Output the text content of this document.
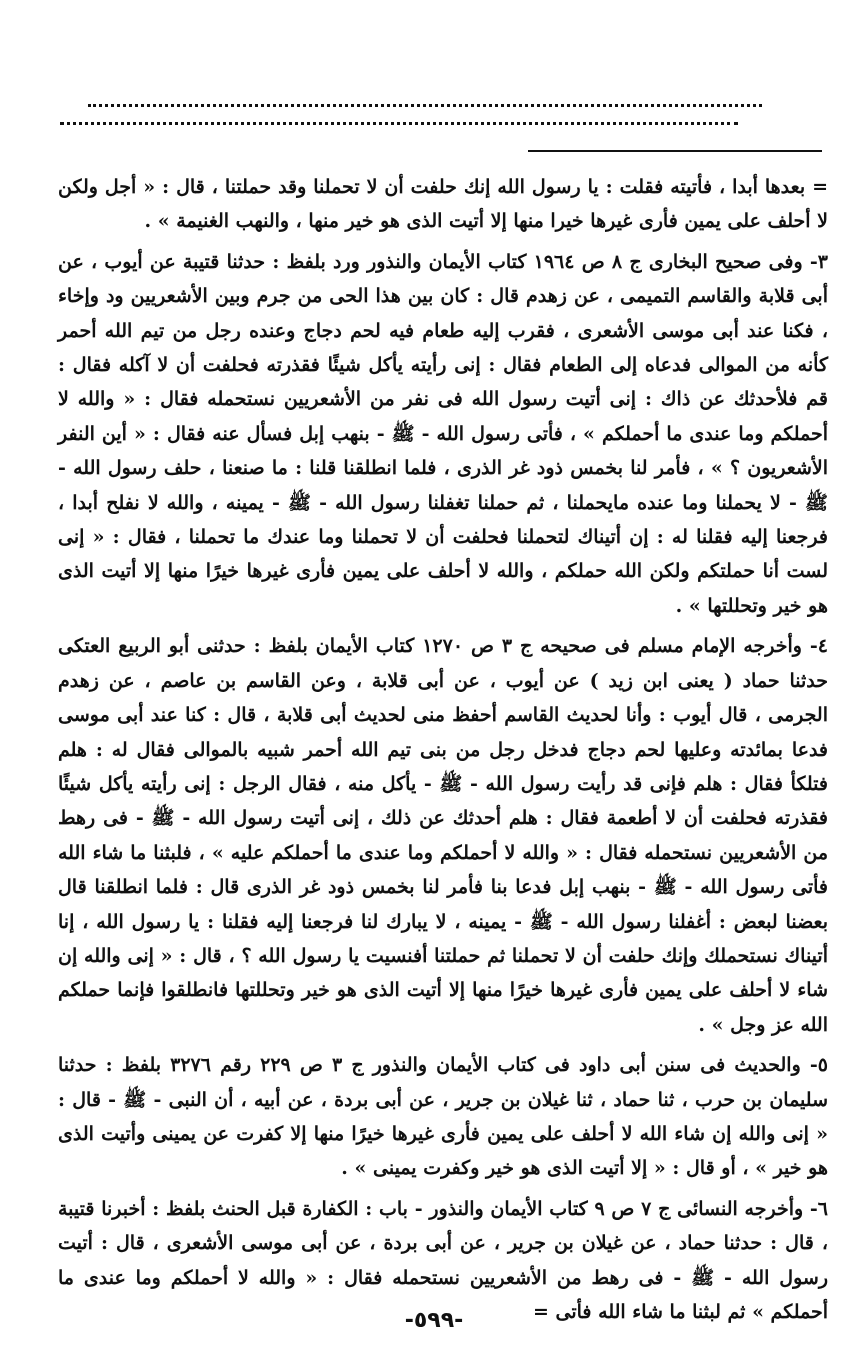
= بعدها أبدا ، فأتيته فقلت : يا رسول الله إنك حلفت أن لا تحملنا وقد حملتنا ، قال : « أجل ولكن لا أحلف على يمين فأرى غيرها خيرا منها إلا أتيت الذى هو خير منها ، والنهب الغنيمة » .

٣- وفى صحيح البخارى ج ٨ ص ١٩٦٤ كتاب الأيمان والنذور ورد بلفظ : حدثنا قتيبة عن أيوب ، عن أبى قلابة والقاسم التميمى ، عن زهدم قال : كان بين هذا الحى من جرم وبين الأشعريين ود وإخاء ، فكنا عند أبى موسى الأشعرى ، فقرب إليه طعام فيه لحم دجاج وعنده رجل من تيم الله أحمر كأنه من الموالى فدعاه إلى الطعام فقال : إنى رأيته يأكل شيئًا فقذرته فحلفت أن لا آكله فقال : قم فلأحدثك عن ذاك : إنى أتيت رسول الله فى نفر من الأشعريين نستحمله فقال : « والله لا أحملكم وما عندى ما أحملكم » ، فأتى رسول الله - ﷺ - بنهب إبل فسأل عنه فقال : « أين النفر الأشعريون ؟ » ، فأمر لنا بخمس ذود غر الذرى ، فلما انطلقنا قلنا : ما صنعنا ، حلف رسول الله - ﷺ - لا يحملنا وما عنده مايحملنا ، ثم حملنا تغفلنا رسول الله - ﷺ - يمينه ، والله لا نفلح أبدا ، فرجعنا إليه فقلنا له : إن أتيناك لتحملنا فحلفت أن لا تحملنا وما عندك ما تحملنا ، فقال : « إنى لست أنا حملتكم ولكن الله حملكم ، والله لا أحلف على يمين فأرى غيرها خيرًا منها إلا أتيت الذى هو خير وتحللتها » .

٤- وأخرجه الإمام مسلم فى صحيحه ج ٣ ص ١٢٧٠ كتاب الأيمان بلفظ : حدثنى أبو الربيع العتكى حدثنا حماد ( يعنى ابن زيد ) عن أيوب ، عن أبى قلابة ، وعن القاسم بن عاصم ، عن زهدم الجرمى ، قال أيوب : وأنا لحديث القاسم أحفظ منى لحديث أبى قلابة ، قال : كنا عند أبى موسى فدعا بمائدته وعليها لحم دجاج فدخل رجل من بنى تيم الله أحمر شبيه بالموالى فقال له : هلم فتلكأ فقال : هلم فإنى قد رأيت رسول الله - ﷺ - يأكل منه ، فقال الرجل : إنى رأيته يأكل شيئًا فقذرته فحلفت أن لا أطعمة فقال : هلم أحدثك عن ذلك ، إنى أتيت رسول الله - ﷺ - فى رهط من الأشعريين نستحمله فقال : « والله لا أحملكم وما عندى ما أحملكم عليه » ، فلبثنا ما شاء الله فأتى رسول الله - ﷺ - بنهب إبل فدعا بنا فأمر لنا بخمس ذود غر الذرى قال : فلما انطلقنا قال بعضنا لبعض : أغفلنا رسول الله - ﷺ - يمينه ، لا يبارك لنا فرجعنا إليه فقلنا : يا رسول الله ، إنا أتيناك نستحملك وإنك حلفت أن لا تحملنا ثم حملتنا أفنسيت يا رسول الله ؟ ، قال : « إنى والله إن شاء لا أحلف على يمين فأرى غيرها خيرًا منها إلا أتيت الذى هو خير وتحللتها فانطلقوا فإنما حملكم الله عز وجل » .

٥- والحديث فى سنن أبى داود فى كتاب الأيمان والنذور ج ٣ ص ٢٢٩ رقم ٣٢٧٦ بلفظ : حدثنا سليمان بن حرب ، ثنا حماد ، ثنا غيلان بن جرير ، عن أبى بردة ، عن أبيه ، أن النبى - ﷺ - قال : « إنى والله إن شاء الله لا أحلف على يمين فأرى غيرها خيرًا منها إلا كفرت عن يمينى وأتيت الذى هو خير » ، أو قال : « إلا أتيت الذى هو خير وكفرت يمينى » .

٦- وأخرجه النسائى ج ٧ ص ٩ كتاب الأيمان والنذور - باب : الكفارة قبل الحنث بلفظ : أخبرنا قتيبة ، قال : حدثنا حماد ، عن غيلان بن جرير ، عن أبى بردة ، عن أبى موسى الأشعرى ، قال : أتيت رسول الله - ﷺ - فى رهط من الأشعريين نستحمله فقال : « والله لا أحملكم وما عندى ما أحملكم » ثم لبثنا ما شاء الله فأتى =

-٥٩٩-
